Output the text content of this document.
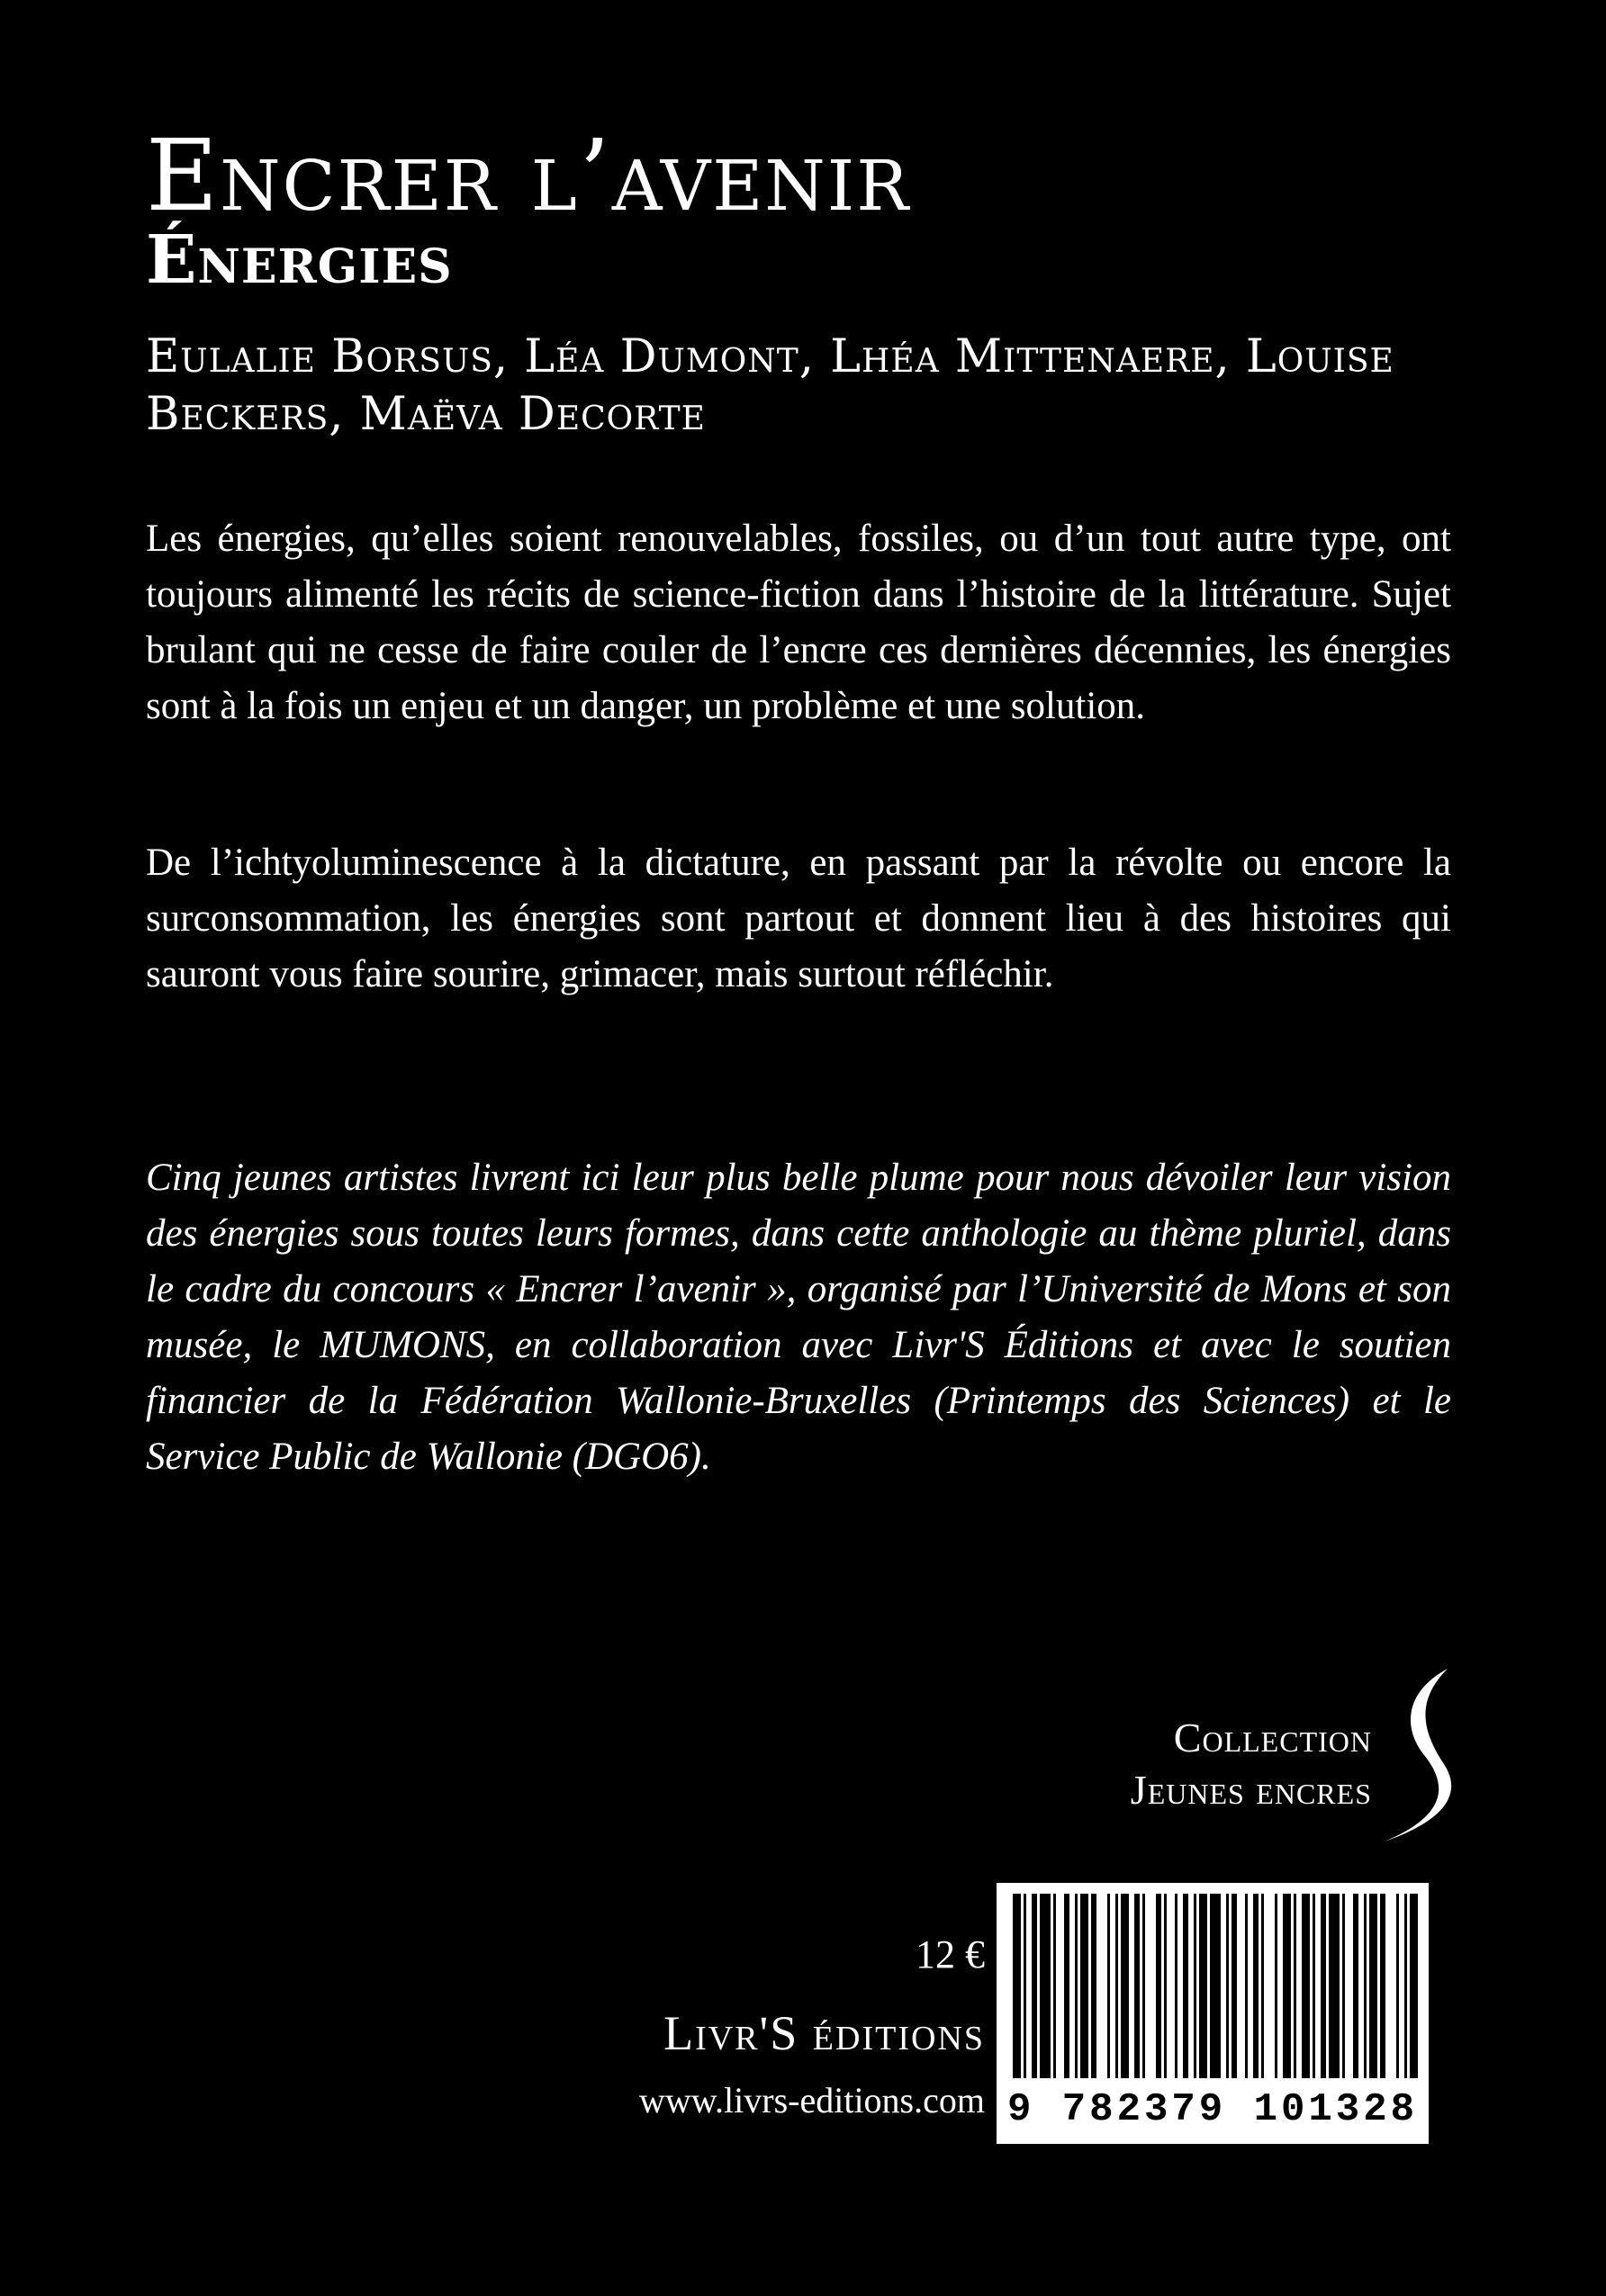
Encrer l’avenir
Énergies

Eulalie Borsus, Léa Dumont, Lhéa Mittenaere, Louise Beckers, Maëva Decorte

Les énergies, qu’elles soient renouvelables, fossiles, ou d’un tout autre type, ont toujours alimenté les récits de science-fiction dans l’histoire de la littérature. Sujet brulant qui ne cesse de faire couler de l’encre ces dernières décennies, les énergies sont à la fois un enjeu et un danger, un problème et une solution.

De l’ichtyoluminescence à la dictature, en passant par la révolte ou encore la surconsommation, les énergies sont partout et donnent lieu à des histoires qui sauront vous faire sourire, grimacer, mais surtout réfléchir.

Cinq jeunes artistes livrent ici leur plus belle plume pour nous dévoiler leur vision des énergies sous toutes leurs formes, dans cette anthologie au thème pluriel, dans le cadre du concours « Encrer l’avenir », organisé par l’Université de Mons et son musée, le MUMONS, en collaboration avec Livr'S Éditions et avec le soutien financier de la Fédération Wallonie-Bruxelles (Printemps des Sciences) et le Service Public de Wallonie (DGO6).

Collection
Jeunes encres
12 €
Livr'S éditions
www.livrs-editions.com 9 782379 101328
